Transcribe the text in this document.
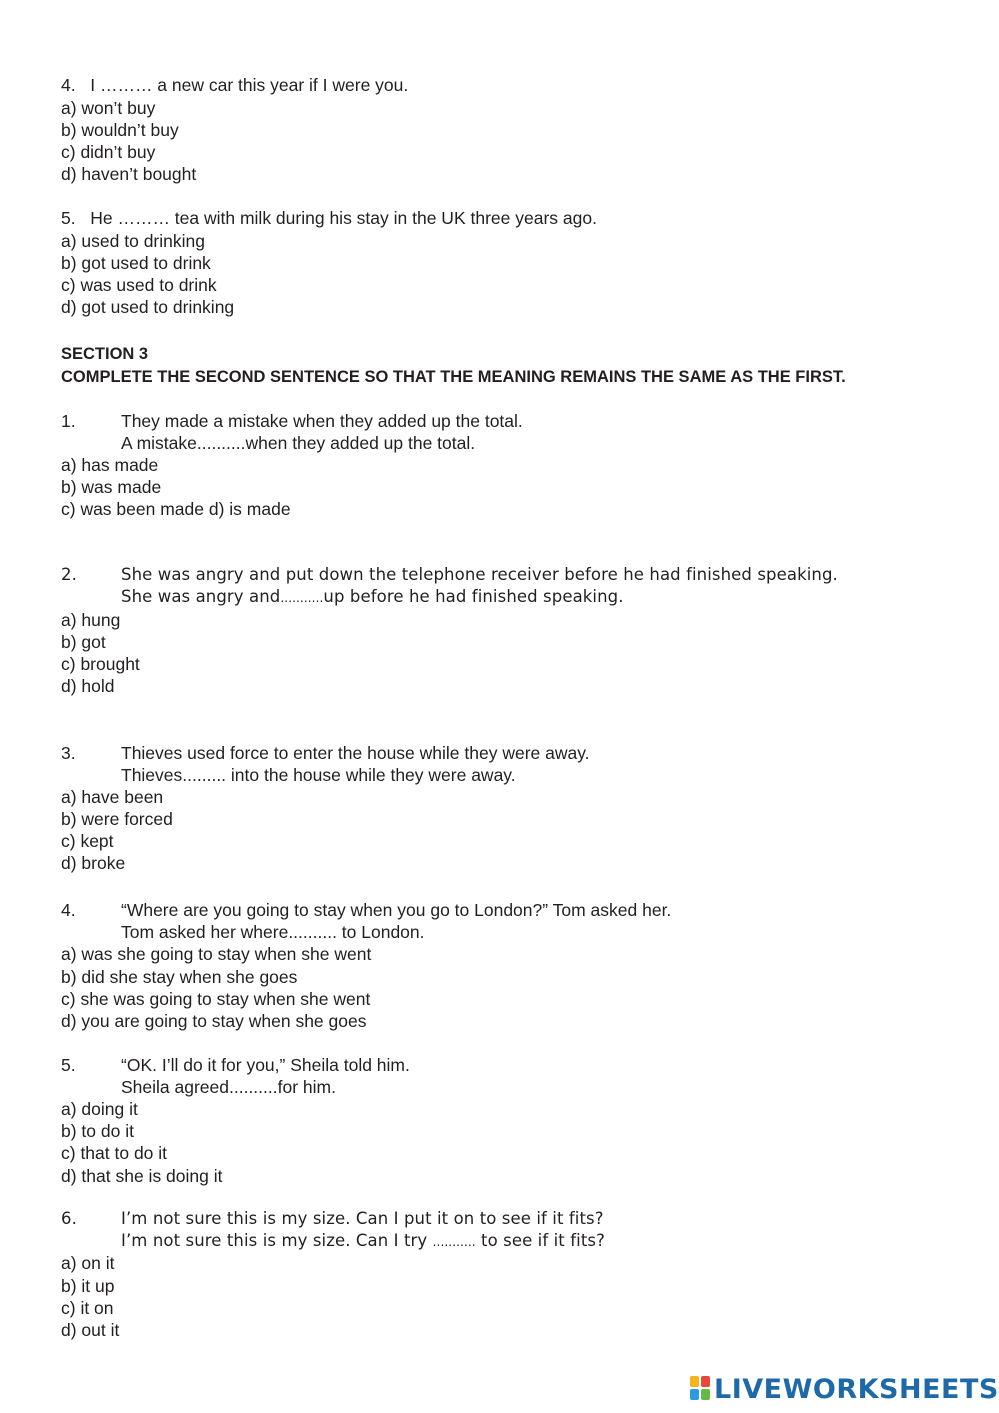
4. I ……… a new car this year if I were you.
a) won’t buy
b) wouldn’t buy
c) didn’t buy
d) haven’t bought
5. He ……… tea with milk during his stay in the UK three years ago.
a) used to drinking
b) got used to drink
c) was used to drink
d) got used to drinking
SECTION 3
COMPLETE THE SECOND SENTENCE SO THAT THE MEANING REMAINS THE SAME AS THE FIRST.
1.	They made a mistake when they added up the total.
A mistake..........when they added up the total.
a) has made
b) was made
c) was been made d) is made
2.	She was angry and put down the telephone receiver before he had finished speaking.
She was angry and...........up before he had finished speaking.
a) hung
b) got
c) brought
d) hold
3.	Thieves used force to enter the house while they were away.
Thieves......... into the house while they were away.
a) have been
b) were forced
c) kept
d) broke
4.	“Where are you going to stay when you go to London?” Tom asked her.
Tom asked her where.......... to London.
a) was she going to stay when she went
b) did she stay when she goes
c) she was going to stay when she went
d) you are going to stay when she goes
5.	“OK. I’ll do it for you,” Sheila told him.
Sheila agreed..........for him.
a) doing it
b) to do it
c) that to do it
d) that she is doing it
6.	I’m not sure this is my size. Can I put it on to see if it fits?
I’m not sure this is my size. Can I try ........... to see if it fits?
a) on it
b) it up
c) it on
d) out it
LIVEWORKSHEETS
